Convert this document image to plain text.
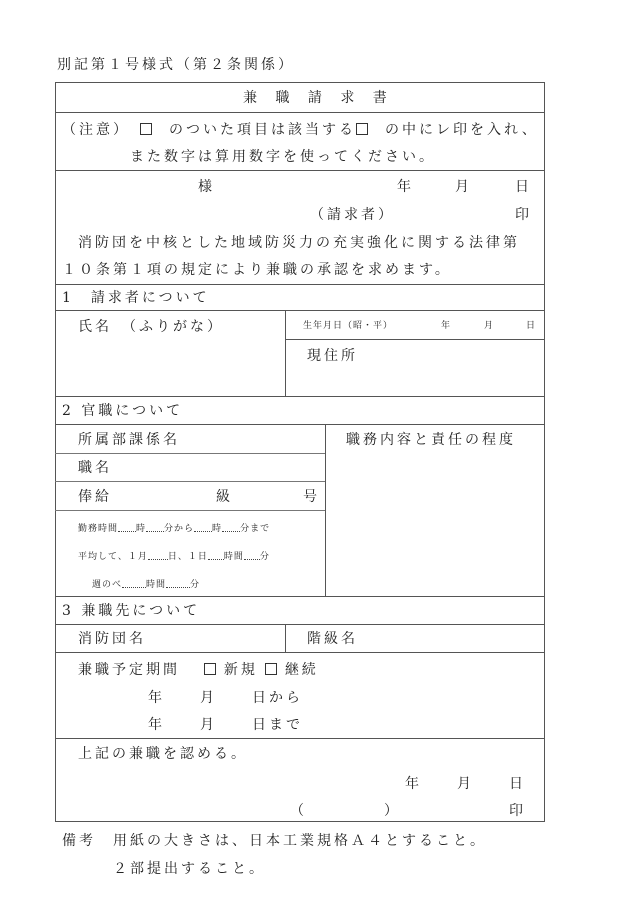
別記第１号様式（第２条関係）
兼 職 請 求 書
（注意）　　	のついた項目は該当する　 の中にレ印を入れ、
また数字は算用数字を使ってください。
様	年	月	日
（請求者）	印
消防団を中核とした地域防災力の充実強化に関する法律第
１０条第１項の規定により兼職の承認を求めます。
1　請求者について
氏名　（ふりがな）	生年月日（昭・平）	年	月	日
現住所
2 官職について
所属部課係名
職名
俸給	級	号
職務内容と責任の程度
勤務時間 時 分から 時 分まで
平均して、１月 日、１日 時間 分
週のべ	時間	分
3 兼職先について
消防団名	階級名
兼職予定期間　	新規 継続
年	月	日から
年	月	日まで
上記の兼職を認める。
年	月	日
（	）	印
備考 用紙の大きさは、日本工業規格Ａ４とすること。
２部提出すること。
